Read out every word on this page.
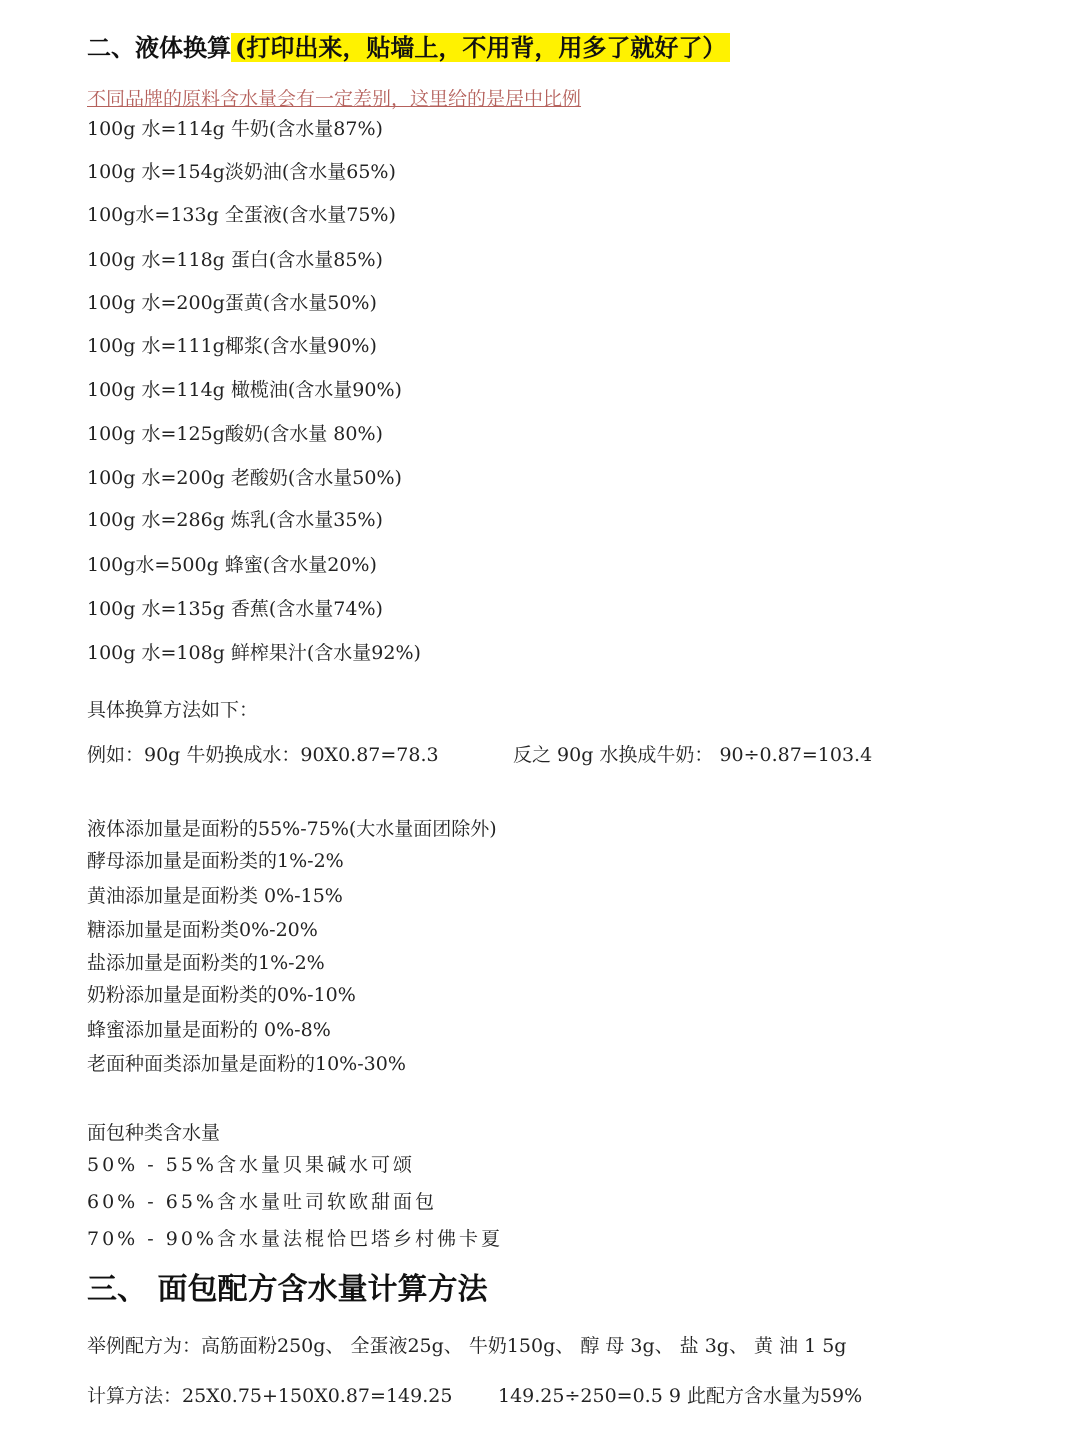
二、液体换算 (打印出来，贴墙上，不用背，用多了就好了）
不同品牌的原料含水量会有一定差别，这里给的是居中比例
100g 水=114g 牛奶(含水量87%)
100g 水=154g淡奶油(含水量65%)
100g水=133g 全蛋液(含水量75%)
100g 水=118g 蛋白(含水量85%)
100g 水=200g蛋黄(含水量50%)
100g 水=111g椰浆(含水量90%)
100g 水=114g 橄榄油(含水量90%)
100g 水=125g酸奶(含水量 80%)
100g 水=200g 老酸奶(含水量50%)
100g 水=286g 炼乳(含水量35%)
100g水=500g 蜂蜜(含水量20%)
100g 水=135g 香蕉(含水量74%)
100g 水=108g 鲜榨果汁(含水量92%)
具体换算方法如下：
例如：90g 牛奶换成水：90X0.87=78.3	反之 90g 水换成牛奶： 90÷0.87=103.4
液体添加量是面粉的55%-75%(大水量面团除外)
酵母添加量是面粉类的1%-2%
黄油添加量是面粉类 0%-15%
糖添加量是面粉类0%-20%
盐添加量是面粉类的1%-2%
奶粉添加量是面粉类的0%-10%
蜂蜜添加量是面粉的 0%-8%
老面种面类添加量是面粉的10%-30%
面包种类含水量
50% - 55%含水量贝果碱水可颂
60% - 65%含水量吐司软欧甜面包
70% - 90%含水量法棍恰巴塔乡村佛卡夏
三、 面包配方含水量计算方法
举例配方为：高筋面粉250g、 全蛋液25g、 牛奶150g、 醇 母 3g、 盐 3g、 黄 油 1 5g
计算方法：25X0.75+150X0.87=149.25 149.25÷250=0.5 9 此配方含水量为59%
